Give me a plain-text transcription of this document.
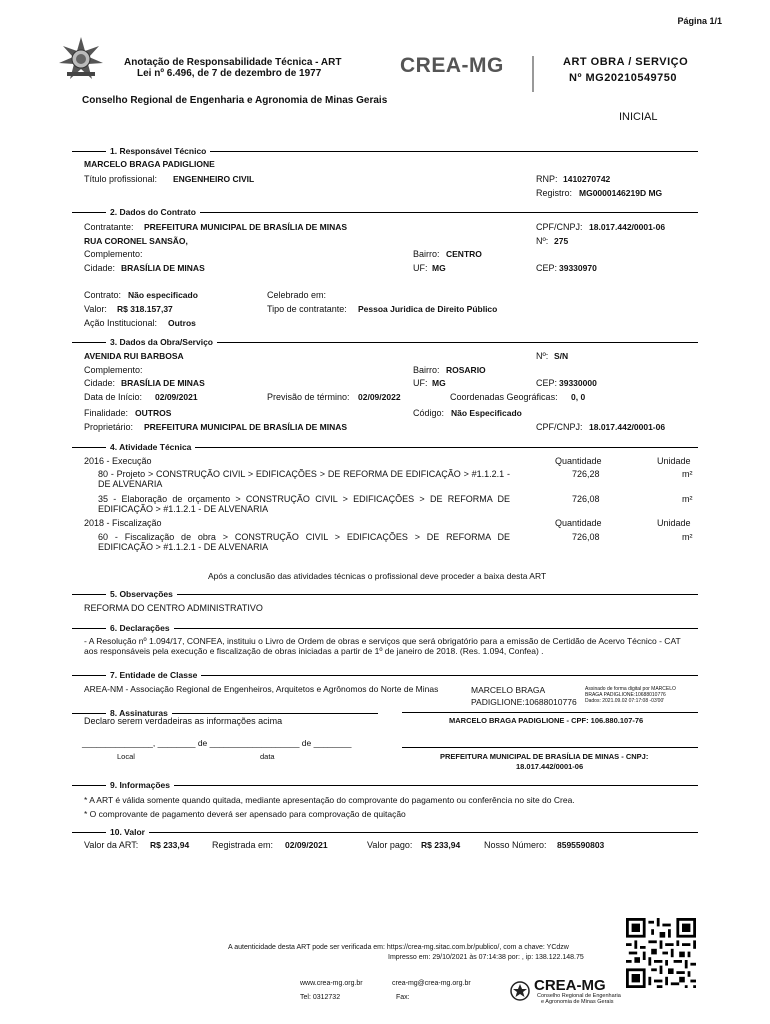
Página 1/1
Anotação de Responsabilidade Técnica - ART
Lei nº 6.496, de 7 de dezembro de 1977	CREA-MG	ART OBRA / SERVIÇO
Nº MG20210549750
Conselho Regional de Engenharia e Agronomia de Minas Gerais
INICIAL
1. Responsável Técnico
MARCELO BRAGA PADIGLIONE
Título profissional: ENGENHEIRO CIVIL	RNP: 1410270742
Registro: MG0000146219D MG
2. Dados do Contrato
Contratante: PREFEITURA MUNICIPAL DE BRASÍLIA DE MINAS	CPF/CNPJ: 18.017.442/0001-06
RUA CORONEL SANSÃO,	Nº: 275
Complemento:	Bairro: CENTRO
Cidade: BRASÍLIA DE MINAS	UF: MG	CEP: 39330970
Contrato: Não especificado	Celebrado em:
Valor: R$ 318.157,37	Tipo de contratante: Pessoa Juridica de Direito Público
Ação Institucional: Outros
3. Dados da Obra/Serviço
AVENIDA RUI BARBOSA	Nº: S/N
Complemento:	Bairro: ROSARIO
Cidade: BRASÍLIA DE MINAS	UF: MG	CEP: 39330000
Data de Início: 02/09/2021	Previsão de término: 02/09/2022	Coordenadas Geográficas: 0, 0
Finalidade: OUTROS	Código: Não Especificado
Proprietário: PREFEITURA MUNICIPAL DE BRASÍLIA DE MINAS	CPF/CNPJ: 18.017.442/0001-06
4. Atividade Técnica
2016 - Execução	Quantidade	Unidade
80 - Projeto > CONSTRUÇÃO CIVIL > EDIFICAÇÕES > DE REFORMA DE EDIFICAÇÃO > #1.1.2.1 - DE ALVENARIA
726,28	m²
35 - Elaboração de orçamento > CONSTRUÇÃO CIVIL > EDIFICAÇÕES > DE REFORMA DE EDIFICAÇÃO > #1.1.2.1 - DE ALVENARIA
726,08	m²
2018 - Fiscalização	Quantidade	Unidade
60 - Fiscalização de obra > CONSTRUÇÃO CIVIL > EDIFICAÇÕES > DE REFORMA DE EDIFICAÇÃO > #1.1.2.1 - DE ALVENARIA
726,08	m²
Após a conclusão das atividades técnicas o profissional deve proceder a baixa desta ART
5. Observações
REFORMA DO CENTRO ADMINISTRATIVO
6. Declarações
- A Resolução nº 1.094/17, CONFEA, instituiu o Livro de Ordem de obras e serviços que será obrigatório para a emissão de Certidão de Acervo Técnico - CAT aos responsáveis pela execução e fiscalização de obras iniciadas a partir de 1º de janeiro de 2018. (Res. 1.094, Confea) .
7. Entidade de Classe
AREA-NM - Associação Regional de Engenheiros, Arquitetos e Agrônomos do Norte de Minas	MARCELO BRAGA
PADIGLIONE:10688010776
Assinado de forma digital por MARCELO
BRAGA PADIGLIONE:10688010776
Dados: 2021.09.02 07:17:08 -03'00'
8. Assinaturas
Declaro serem verdadeiras as informações acima	MARCELO BRAGA PADIGLIONE - CPF: 106.880.107-76
_______________, ________ de ___________________ de ________
Local	data	PREFEITURA MUNICIPAL DE BRASÍLIA DE MINAS - CNPJ:
18.017.442/0001-06
9. Informações
* A ART é válida somente quando quitada, mediante apresentação do comprovante do pagamento ou conferência no site do Crea.
* O comprovante de pagamento deverá ser apensado para comprovação de quitação
10. Valor
Valor da ART: R$ 233,94	Registrada em: 02/09/2021	Valor pago: R$ 233,94	Nosso Número: 8595590803
A autenticidade desta ART pode ser verificada em: https://crea-mg.sitac.com.br/publico/, com a chave: YCdzw
Impresso em: 29/10/2021 às 07:14:38 por: , ip: 138.122.148.75
www.crea-mg.org.br	crea-mg@crea-mg.org.br
Tel: 0312732	Fax:
CREA-MG
Conselho Regional de Engenharia
e Agronomia de Minas Gerais
